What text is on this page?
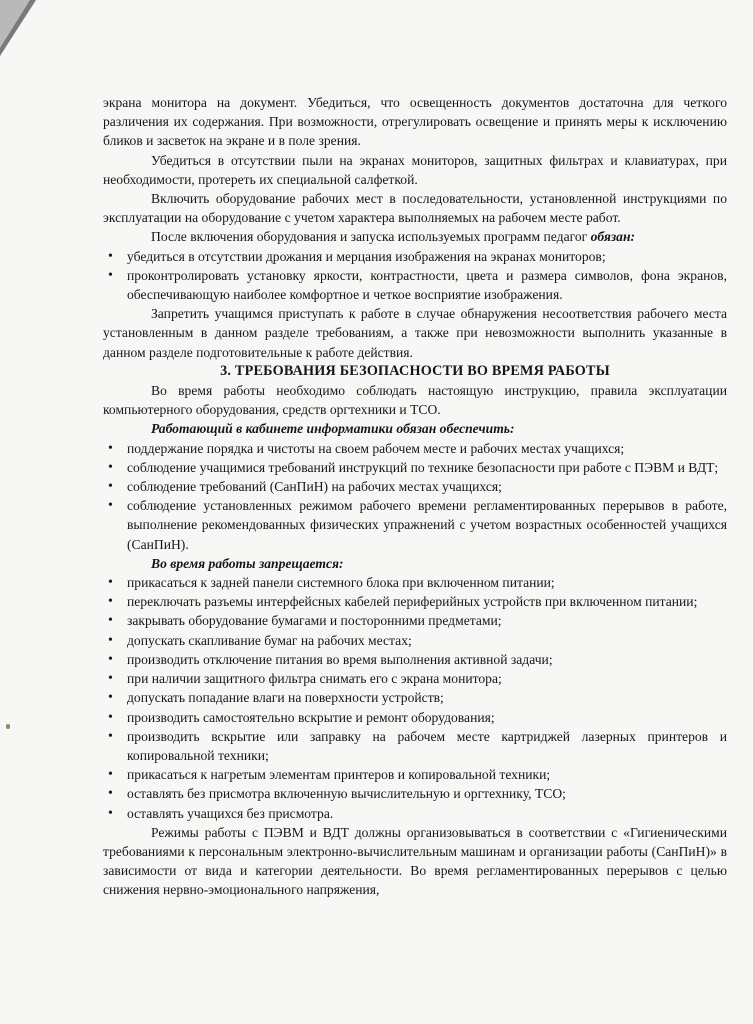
экрана монитора на документ. Убедиться, что освещенность документов достаточна для четкого различения их содержания. При возможности, отрегулировать освещение и принять меры к исключению бликов и засветок на экране и в поле зрения.

Убедиться в отсутствии пыли на экранах мониторов, защитных фильтрах и клавиатурах, при необходимости, протереть их специальной салфеткой.

Включить оборудование рабочих мест в последовательности, установленной инструкциями по эксплуатации на оборудование с учетом характера выполняемых на рабочем месте работ.

После включения оборудования и запуска используемых программ педагог обязан:

• убедиться в отсутствии дрожания и мерцания изображения на экранах мониторов;
• проконтролировать установку яркости, контрастности, цвета и размера символов, фона экранов, обеспечивающую наиболее комфортное и четкое восприятие изображения.

Запретить учащимся приступать к работе в случае обнаружения несоответствия рабочего места установленным в данном разделе требованиям, а также при невозможности выполнить указанные в данном разделе подготовительные к работе действия.

3. ТРЕБОВАНИЯ БЕЗОПАСНОСТИ ВО ВРЕМЯ РАБОТЫ

Во время работы необходимо соблюдать настоящую инструкцию, правила эксплуатации компьютерного оборудования, средств оргтехники и ТСО.

Работающий в кабинете информатики обязан обеспечить:

• поддержание порядка и чистоты на своем рабочем месте и рабочих местах учащихся;
• соблюдение учащимися требований инструкций по технике безопасности при работе с ПЭВМ и ВДТ;
• соблюдение требований (СанПиН) на рабочих местах учащихся;
• соблюдение установленных режимом рабочего времени регламентированных перерывов в работе, выполнение рекомендованных физических упражнений с учетом возрастных особенностей учащихся (СанПиН).

Во время работы запрещается:

• прикасаться к задней панели системного блока при включенном питании;
• переключать разъемы интерфейсных кабелей периферийных устройств при включенном питании;
• закрывать оборудование бумагами и посторонними предметами;
• допускать скапливание бумаг на рабочих местах;
• производить отключение питания во время выполнения активной задачи;
• при наличии защитного фильтра снимать его с экрана монитора;
• допускать попадание влаги на поверхности устройств;
• производить самостоятельно вскрытие и ремонт оборудования;
• производить вскрытие или заправку на рабочем месте картриджей лазерных принтеров и копировальной техники;
• прикасаться к нагретым элементам принтеров и копировальной техники;
• оставлять без присмотра включенную вычислительную и оргтехнику, ТСО;
• оставлять учащихся без присмотра.

Режимы работы с ПЭВМ и ВДТ должны организовываться в соответствии с «Гигиеническими требованиями к персональным электронно-вычислительным машинам и организации работы (СанПиН)» в зависимости от вида и категории деятельности. Во время регламентированных перерывов с целью снижения нервно-эмоционального напряжения,
